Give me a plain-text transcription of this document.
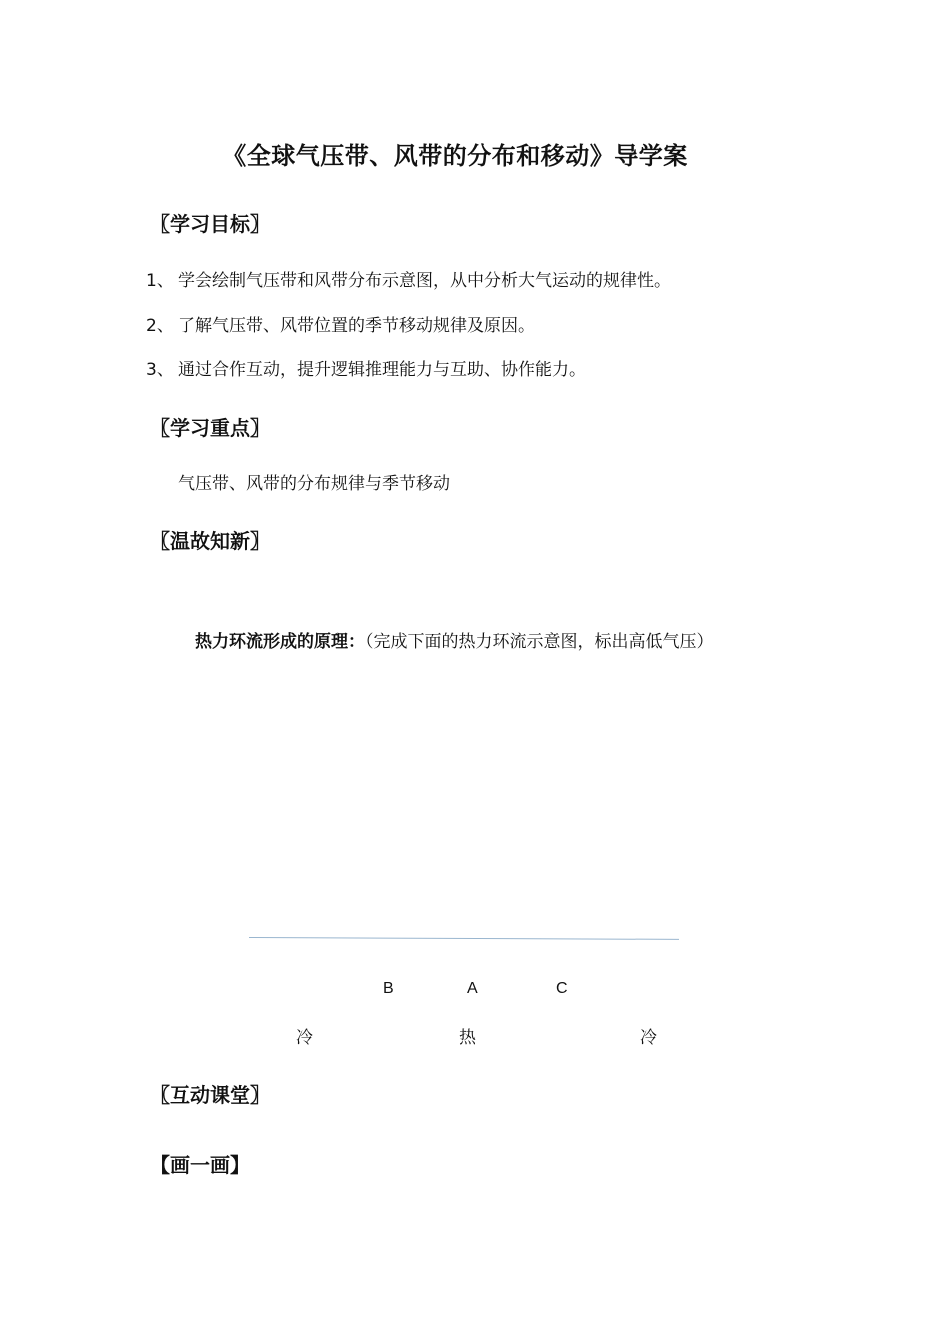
《全球气压带、风带的分布和移动》导学案
〖学习目标〗
1、 学会绘制气压带和风带分布示意图，从中分析大气运动的规律性。
2、 了解气压带、风带位置的季节移动规律及原因。
3、 通过合作互动，提升逻辑推理能力与互助、协作能力。
〖学习重点〗
气压带、风带的分布规律与季节移动
〖温故知新〗
热力环流形成的原理：（完成下面的热力环流示意图，标出高低气压）
B	A	C
冷	热	冷
〖互动课堂〗
【画一画】
